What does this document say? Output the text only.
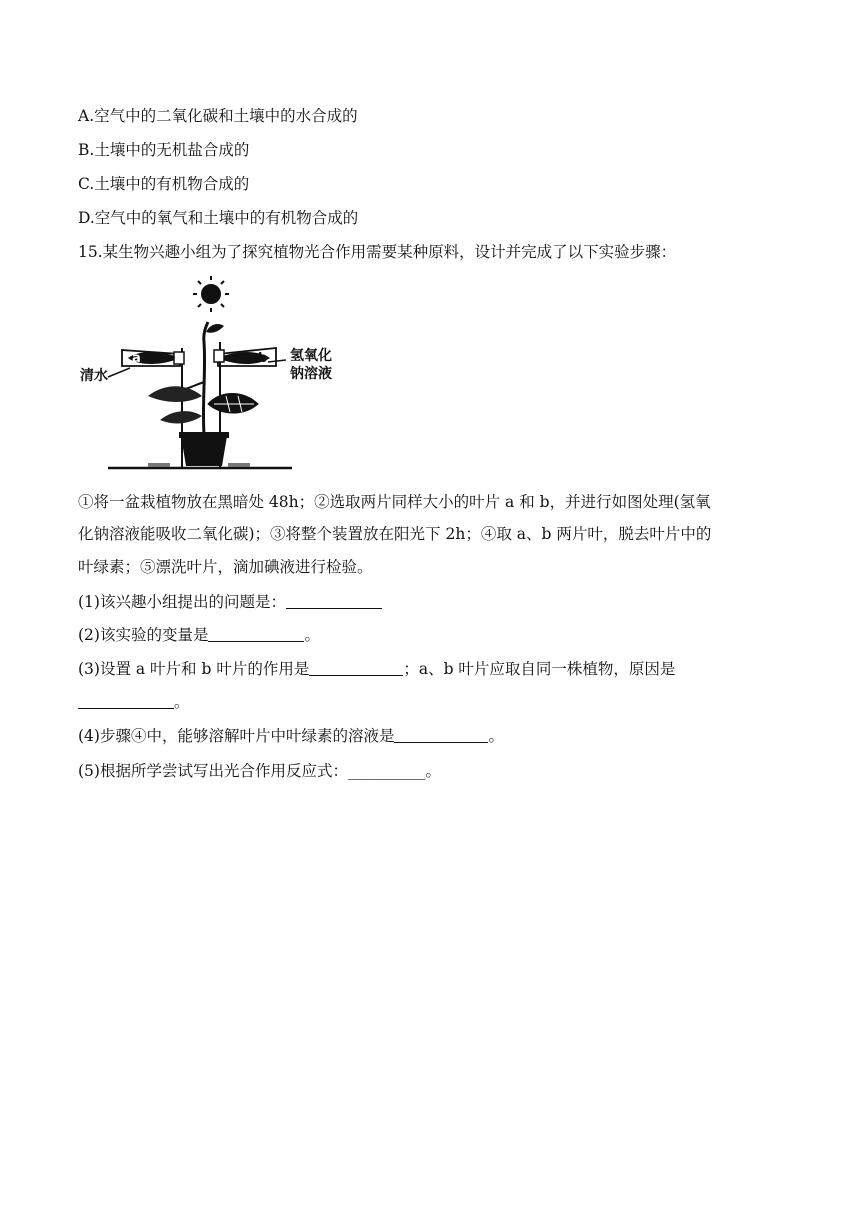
A.空气中的二氧化碳和土壤中的水合成的
B.土壤中的无机盐合成的
C.土壤中的有机物合成的
D.空气中的氧气和土壤中的有机物合成的
15.某生物兴趣小组为了探究植物光合作用需要某种原料，设计并完成了以下实验步骤：
a	b
清水
氢氧化
钠溶液
①将一盆栽植物放在黑暗处 48h；②选取两片同样大小的叶片 a 和 b，并进行如图处理(氢氧
化钠溶液能吸收二氧化碳)；③将整个装置放在阳光下 2h；④取 a、b 两片叶，脱去叶片中的
叶绿素；⑤漂洗叶片，滴加碘液进行检验。
(1)该兴趣小组提出的问题是：
(2)该实验的变量是	。
(3)设置 a 叶片和 b 叶片的作用是	；a、b 叶片应取自同一株植物，原因是
。
(4)步骤④中，能够溶解叶片中叶绿素的溶液是	。
(5)根据所学尝试写出光合作用反应式：__________。
